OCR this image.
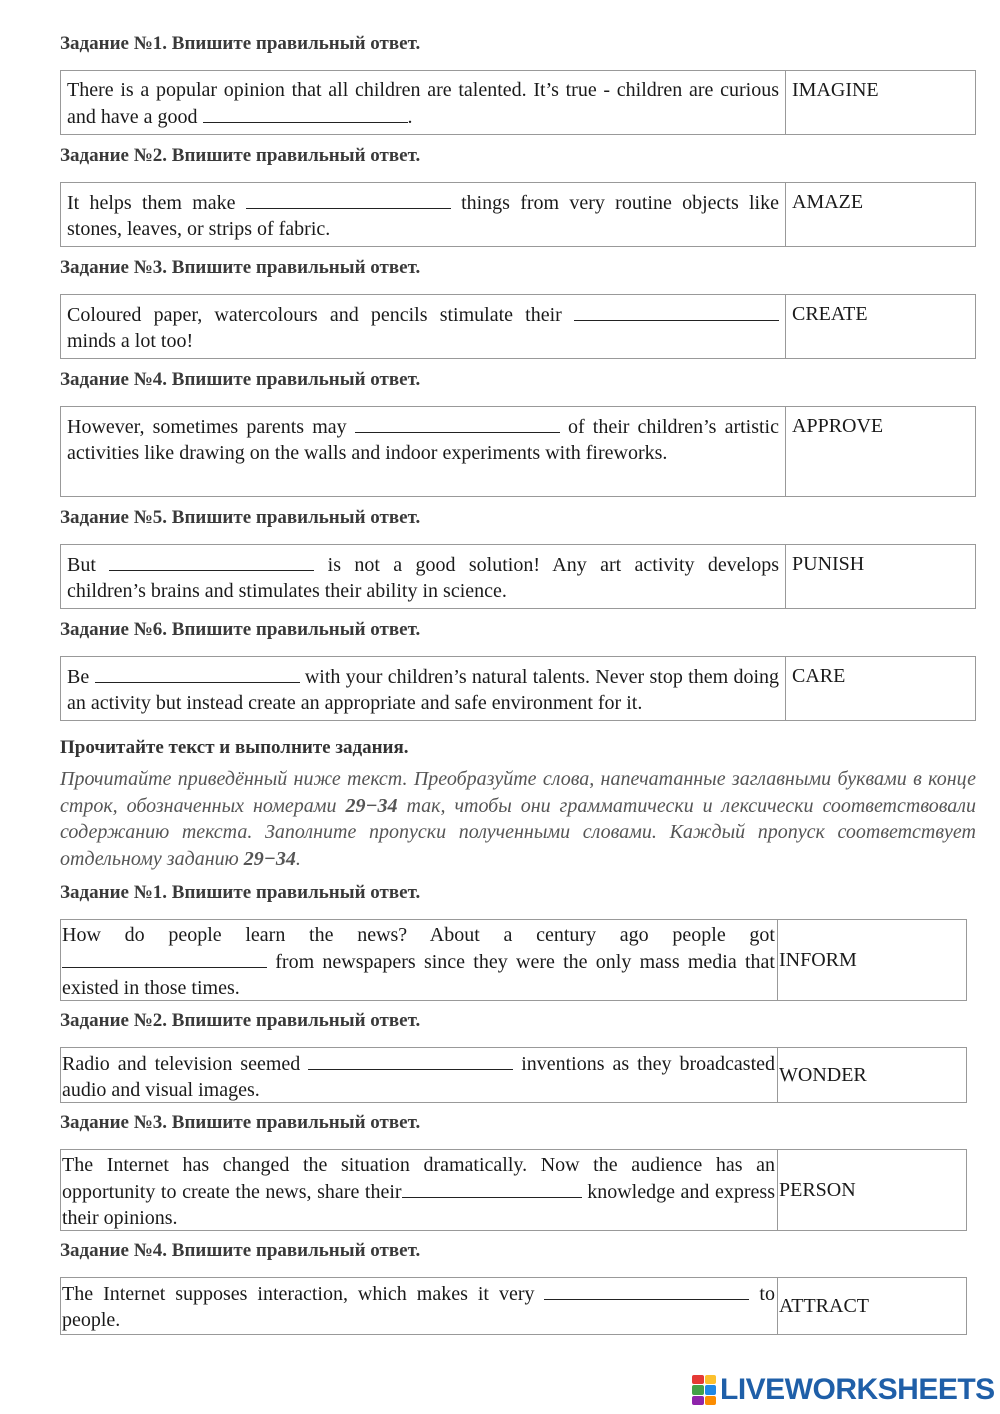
Задание №1. Впишите правильный ответ.
There is a popular opinion that all children are talented. It’s true - children are curious and have a good	.
IMAGINE
Задание №2. Впишите правильный ответ.
It helps them make	things from very routine objects like stones, leaves, or strips of fabric.
AMAZE
Задание №3. Впишите правильный ответ.
Coloured paper, watercolours and pencils stimulate their  minds a lot too!
CREATE
Задание №4. Впишите правильный ответ.
However, sometimes parents may	of their children’s artistic activities like drawing on the walls and indoor experiments with fireworks.
APPROVE
Задание №5. Впишите правильный ответ.
But	is not a good solution! Any art activity develops children’s brains and stimulates their ability in science.
PUNISH
Задание №6. Впишите правильный ответ.
Be	with your children’s natural talents. Never stop them doing an activity but instead create an appropriate and safe environment for it.
CARE
Прочитайте текст и выполните задания.
Прочитайте приведённый ниже текст. Преобразуйте слова, напечатанные заглавными буквами в конце строк, обозначенных номерами 29−34 так, чтобы они грамматически и лексически соответствовали содержанию текста. Заполните пропуски полученными словами. Каждый пропуск соответствует отдельному заданию 29−34.
Задание №1. Впишите правильный ответ.
How do people learn the news? About a century ago people got  from newspapers since they were the only mass media that existed in those times.
INFORM
Задание №2. Впишите правильный ответ.
Radio and television seemed	inventions as they broadcasted audio and visual images.
WONDER
Задание №3. Впишите правильный ответ.
The Internet has changed the situation dramatically. Now the audience has an opportunity to create the news, share their	knowledge and express their opinions.
PERSON
Задание №4. Впишите правильный ответ.
The Internet supposes interaction, which makes it very	to people.
ATTRACT
LIVEWORKSHEETS
